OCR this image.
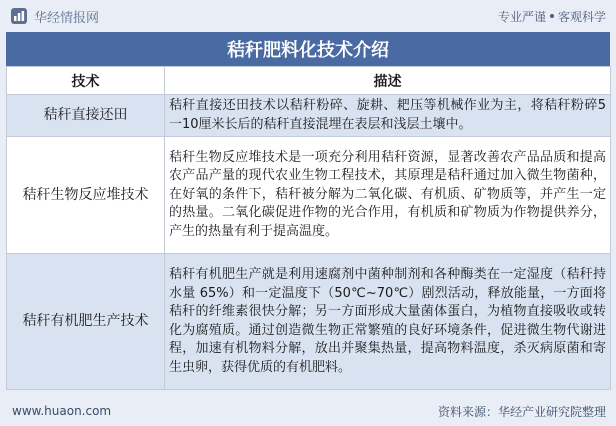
华经情报网	专业严谨 客观科学
秸秆肥料化技术介绍
技术	描述
秸秆直接还田	秸秆直接还田技术以秸秆粉碎、旋耕、耙压等机械作业为主，将秸秆粉碎5一10厘米长后的秸秆直接混埋在表层和浅层土壤中。
秸秆生物反应堆技术	秸秆生物反应堆技术是一项充分利用秸秆资源，显著改善农产品品质和提高农产品产量的现代农业生物工程技术，其原理是秸秆通过加入微生物菌种，在好氧的条件下，秸秆被分解为二氧化碳、有机质、矿物质等，并产生一定的热量。二氧化碳促进作物的光合作用，有机质和矿物质为作物提供养分，产生的热量有利于提高温度。
秸秆有机肥生产技术	秸秆有机肥生产就是利用速腐剂中菌种制剂和各种酶类在一定湿度（秸秆持水量 65%）和一定温度下（50℃~70℃）剧烈活动，释放能量，一方面将秸秆的纤维素很快分解；另一方面形成大量菌体蛋白，为植物直接吸收或转化为腐殖质。通过创造微生物正常繁殖的良好环境条件，促进微生物代谢进程，加速有机物料分解，放出并聚集热量，提高物料温度，杀灭病原菌和寄生虫卵，获得优质的有机肥料。
www.huaon.com	资料来源：华经产业研究院整理
